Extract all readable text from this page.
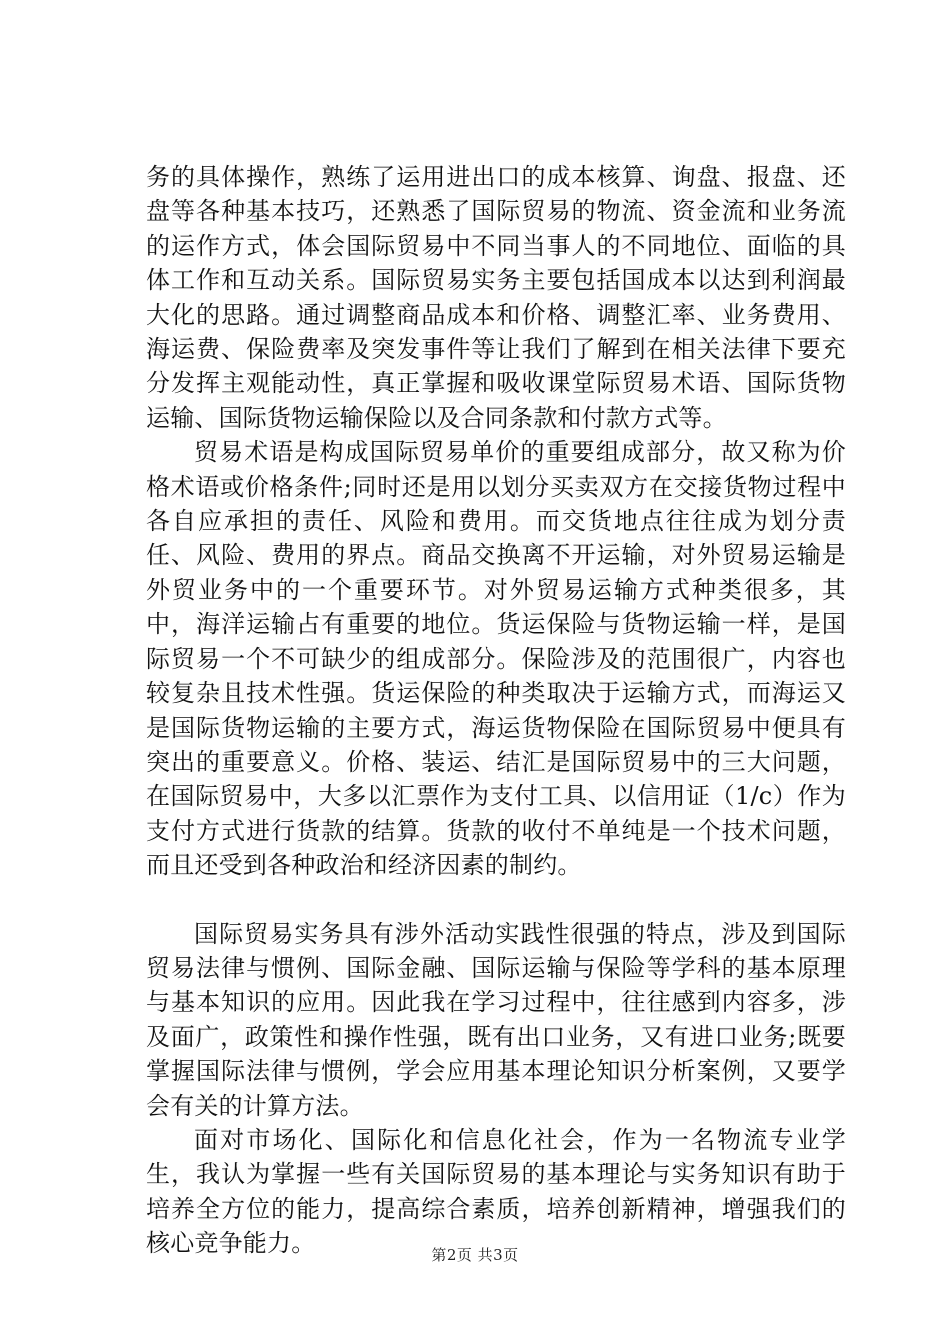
务的具体操作，熟练了运用进出口的成本核算、询盘、报盘、还盘等各种基本技巧，还熟悉了国际贸易的物流、资金流和业务流的运作方式，体会国际贸易中不同当事人的不同地位、面临的具体工作和互动关系。国际贸易实务主要包括国成本以达到利润最大化的思路。通过调整商品成本和价格、调整汇率、业务费用、海运费、保险费率及突发事件等让我们了解到在相关法律下要充分发挥主观能动性，真正掌握和吸收课堂际贸易术语、国际货物运输、国际货物运输保险以及合同条款和付款方式等。

贸易术语是构成国际贸易单价的重要组成部分，故又称为价格术语或价格条件;同时还是用以划分买卖双方在交接货物过程中各自应承担的责任、风险和费用。而交货地点往往成为划分责任、风险、费用的界点。商品交换离不开运输，对外贸易运输是外贸业务中的一个重要环节。对外贸易运输方式种类很多，其中，海洋运输占有重要的地位。货运保险与货物运输一样，是国际贸易一个不可缺少的组成部分。保险涉及的范围很广，内容也较复杂且技术性强。货运保险的种类取决于运输方式，而海运又是国际货物运输的主要方式，海运货物保险在国际贸易中便具有突出的重要意义。价格、装运、结汇是国际贸易中的三大问题，在国际贸易中，大多以汇票作为支付工具、以信用证（1/c）作为支付方式进行货款的结算。货款的收付不单纯是一个技术问题，而且还受到各种政治和经济因素的制约。

国际贸易实务具有涉外活动实践性很强的特点，涉及到国际贸易法律与惯例、国际金融、国际运输与保险等学科的基本原理与基本知识的应用。因此我在学习过程中，往往感到内容多，涉及面广，政策性和操作性强，既有出口业务，又有进口业务;既要掌握国际法律与惯例，学会应用基本理论知识分析案例，又要学会有关的计算方法。

面对市场化、国际化和信息化社会，作为一名物流专业学生，我认为掌握一些有关国际贸易的基本理论与实务知识有助于培养全方位的能力，提高综合素质，培养创新精神，增强我们的核心竞争能力。	第2页 共3页
